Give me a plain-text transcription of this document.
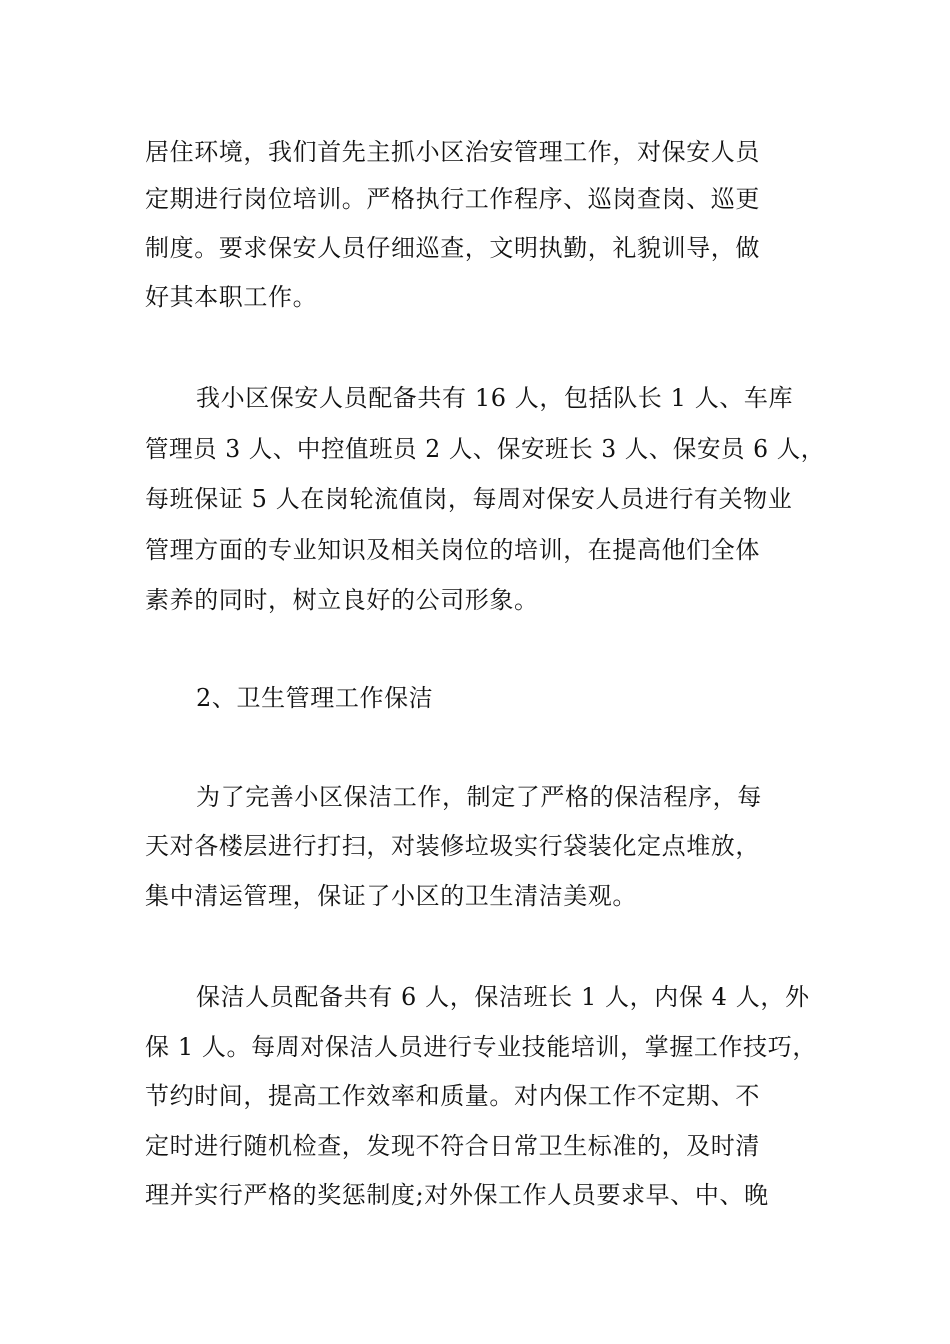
居住环境，我们首先主抓小区治安管理工作，对保安人员
定期进行岗位培训。严格执行工作程序、巡岗查岗、巡更
制度。要求保安人员仔细巡查，文明执勤，礼貌训导，做
好其本职工作。
我小区保安人员配备共有 16 人，包括队长 1 人、车库
管理员 3 人、中控值班员 2 人、保安班长 3 人、保安员 6 人，
每班保证 5 人在岗轮流值岗，每周对保安人员进行有关物业
管理方面的专业知识及相关岗位的培训，在提高他们全体
素养的同时，树立良好的公司形象。
2、卫生管理工作保洁
为了完善小区保洁工作，制定了严格的保洁程序，每
天对各楼层进行打扫，对装修垃圾实行袋装化定点堆放，
集中清运管理，保证了小区的卫生清洁美观。
保洁人员配备共有 6 人，保洁班长 1 人，内保 4 人，外
保 1 人。每周对保洁人员进行专业技能培训，掌握工作技巧，
节约时间，提高工作效率和质量。对内保工作不定期、不
定时进行随机检查，发现不符合日常卫生标准的，及时清
理并实行严格的奖惩制度;对外保工作人员要求早、中、晚
